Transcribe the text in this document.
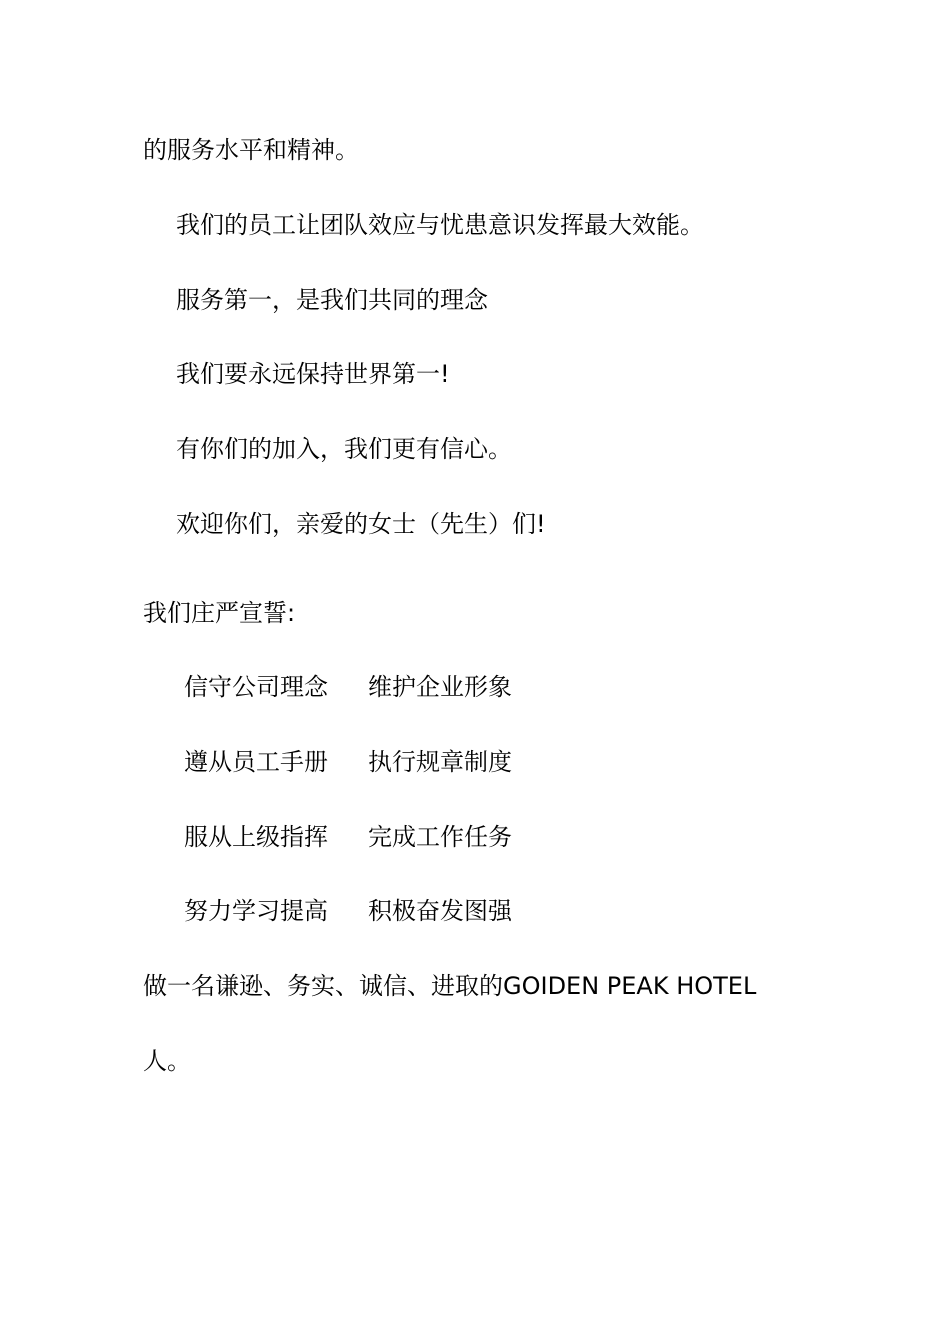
的服务水平和精神。
我们的员工让团队效应与忧患意识发挥最大效能。
服务第一，是我们共同的理念
我们要永远保持世界第一!
有你们的加入，我们更有信心。
欢迎你们，亲爱的女士（先生）们!
我们庄严宣誓:
信守公司理念 维护企业形象
遵从员工手册 执行规章制度
服从上级指挥 完成工作任务
努力学习提高 积极奋发图强
做一名谦逊、务实、诚信、进取的GOIDEN PEAK HOTEL
人。
